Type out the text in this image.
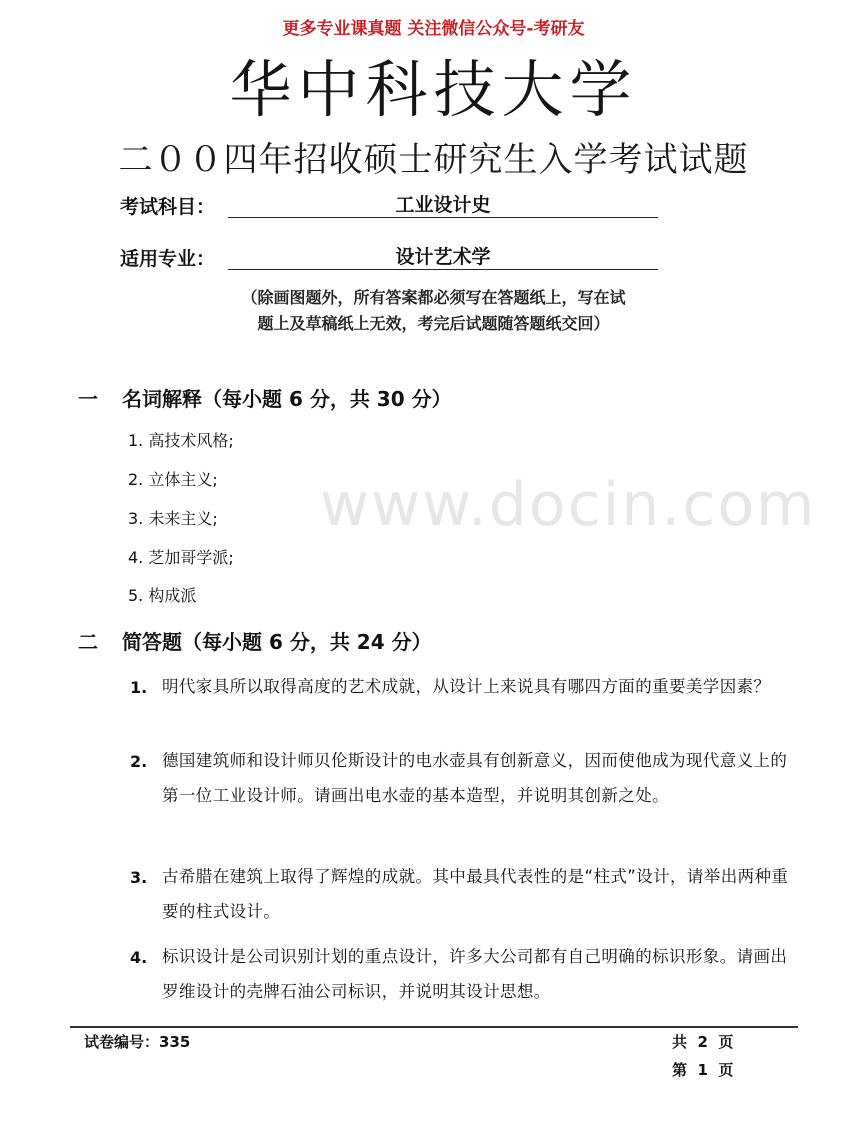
www.docin.com
更多专业课真题 关注微信公众号-考研友
华中科技大学
二００四年招收硕士研究生入学考试试题
考试科目：	工业设计史
适用专业：	设计艺术学
（除画图题外，所有答案都必须写在答题纸上，写在试
题上及草稿纸上无效，考完后试题随答题纸交回）
一 名词解释（每小题 6 分，共 30 分）
1. 高技术风格;
2. 立体主义;
3. 未来主义;
4. 芝加哥学派;
5. 构成派
二 简答题（每小题 6 分，共 24 分）
1. 明代家具所以取得高度的艺术成就，从设计上来说具有哪四方面的重要美学因素？
2. 德国建筑师和设计师贝伦斯设计的电水壶具有创新意义，因而使他成为现代意义上的第一位工业设计师。请画出电水壶的基本造型，并说明其创新之处。
3. 古希腊在建筑上取得了辉煌的成就。其中最具代表性的是“柱式”设计，请举出两种重要的柱式设计。
4. 标识设计是公司识别计划的重点设计，许多大公司都有自己明确的标识形象。请画出罗维设计的壳牌石油公司标识，并说明其设计思想。
试卷编号：335	共  2  页
第  1  页
